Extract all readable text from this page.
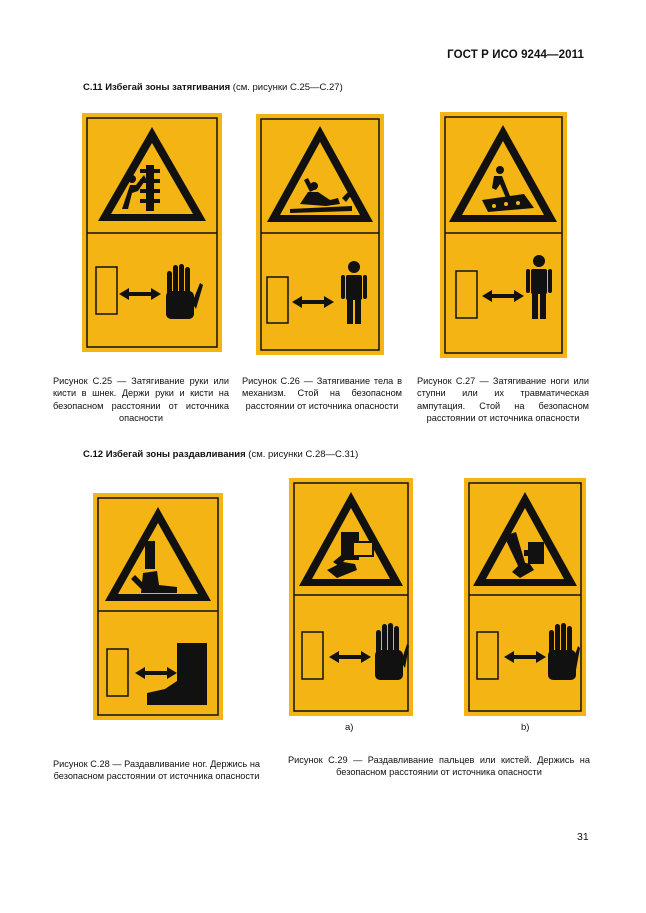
ГОСТ Р ИСО 9244—2011
С.11 Избегай зоны затягивания (см. рисунки С.25—С.27)
Рисунок С.25 — Затягивание руки или кисти в шнек. Держи руки и кисти на безопасном расстоянии от источника опасности
Рисунок С.26 — Затягивание тела в механизм. Стой на безопасном расстоянии от источника опасности
Рисунок С.27 — Затягивание ноги или ступни или их травматическая ампутация. Стой на безопасном расстоянии от источника опасности
С.12 Избегай зоны раздавливания (см. рисунки С.28—С.31)
а)	b)
Рисунок С.28 — Раздавливание ног. Держись на безопасном расстоянии от источника опасности
Рисунок С.29 — Раздавливание пальцев или кистей. Держись на безопасном расстоянии от источника опасности
31
